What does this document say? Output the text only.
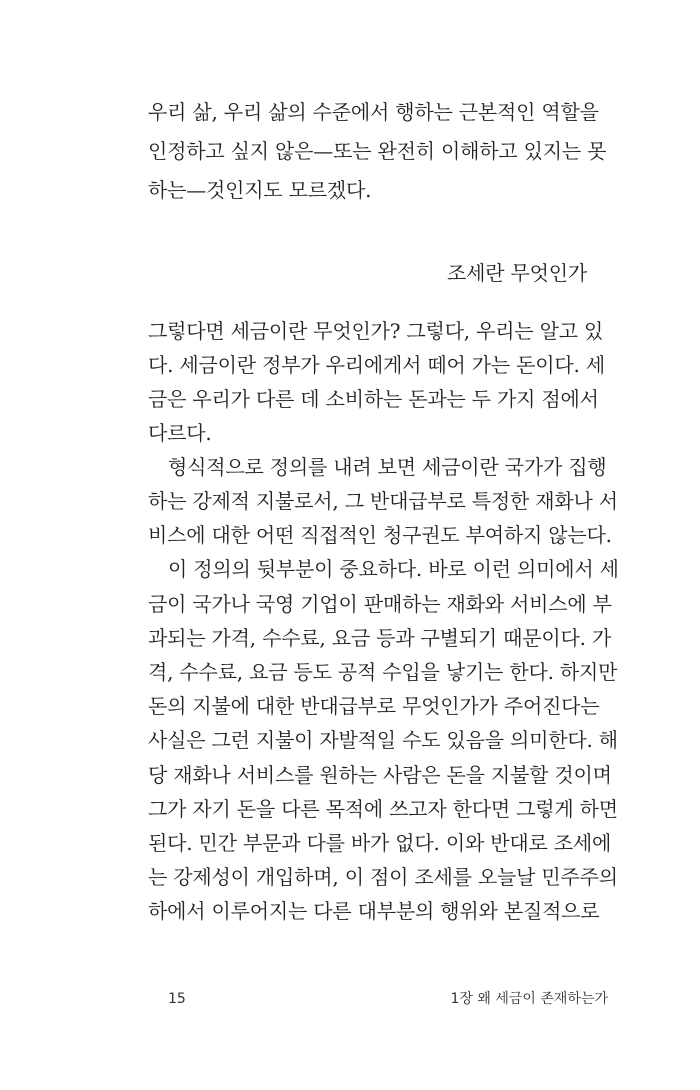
우리 삶, 우리 삶의 수준에서 행하는 근본적인 역할을
인정하고 싶지 않은—또는 완전히 이해하고 있지는 못
하는—것인지도 모르겠다.
조세란 무엇인가
그렇다면 세금이란 무엇인가? 그렇다, 우리는 알고 있
다. 세금이란 정부가 우리에게서 떼어 가는 돈이다. 세
금은 우리가 다른 데 소비하는 돈과는 두 가지 점에서
다르다.
형식적으로 정의를 내려 보면 세금이란 국가가 집행
하는 강제적 지불로서, 그 반대급부로 특정한 재화나 서
비스에 대한 어떤 직접적인 청구권도 부여하지 않는다.
이 정의의 뒷부분이 중요하다. 바로 이런 의미에서 세
금이 국가나 국영 기업이 판매하는 재화와 서비스에 부
과되는 가격, 수수료, 요금 등과 구별되기 때문이다. 가
격, 수수료, 요금 등도 공적 수입을 낳기는 한다. 하지만
돈의 지불에 대한 반대급부로 무엇인가가 주어진다는
사실은 그런 지불이 자발적일 수도 있음을 의미한다. 해
당 재화나 서비스를 원하는 사람은 돈을 지불할 것이며
그가 자기 돈을 다른 목적에 쓰고자 한다면 그렇게 하면
된다. 민간 부문과 다를 바가 없다. 이와 반대로 조세에
는 강제성이 개입하며, 이 점이 조세를 오늘날 민주주의
하에서 이루어지는 다른 대부분의 행위와 본질적으로
15	1장 왜 세금이 존재하는가
